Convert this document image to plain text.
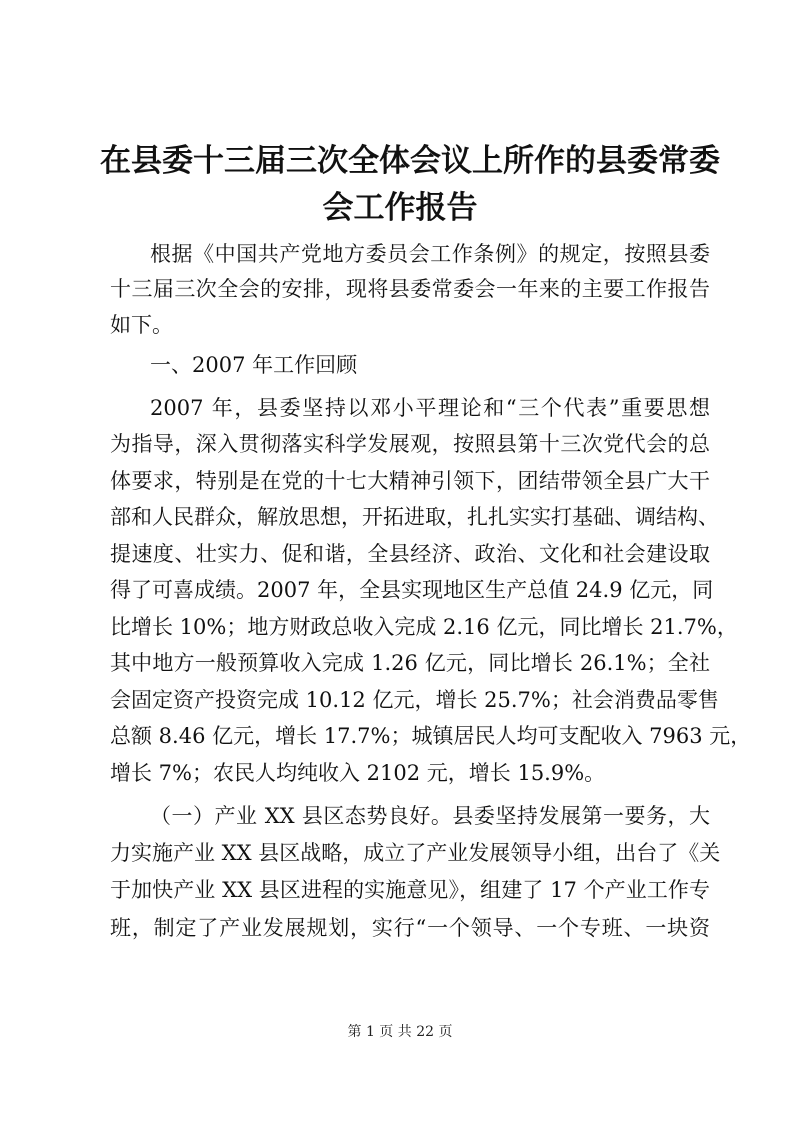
在县委十三届三次全体会议上所作的县委常委
会工作报告

根据《中国共产党地方委员会工作条例》的规定，按照县委

十三届三次全会的安排，现将县委常委会一年来的主要工作报告

如下。

一、2007 年工作回顾

2007 年，县委坚持以邓小平理论和“三个代表”重要思想

为指导，深入贯彻落实科学发展观，按照县第十三次党代会的总

体要求，特别是在党的十七大精神引领下，团结带领全县广大干

部和人民群众，解放思想，开拓进取，扎扎实实打基础、调结构、

提速度、壮实力、促和谐，全县经济、政治、文化和社会建设取

得了可喜成绩。2007 年，全县实现地区生产总值 24.9 亿元，同

比增长 10%；地方财政总收入完成 2.16 亿元，同比增长 21.7%，

其中地方一般预算收入完成 1.26 亿元，同比增长 26.1%；全社

会固定资产投资完成 10.12 亿元，增长 25.7%；社会消费品零售

总额 8.46 亿元，增长 17.7%；城镇居民人均可支配收入 7963 元，

增长 7%；农民人均纯收入 2102 元，增长 15.9%。

（一）产业 XX 县区态势良好。县委坚持发展第一要务，大

力实施产业 XX 县区战略，成立了产业发展领导小组，出台了《关

于加快产业 XX 县区进程的实施意见》，组建了 17 个产业工作专

班，制定了产业发展规划，实行“一个领导、一个专班、一块资

第 1 页 共 22 页
